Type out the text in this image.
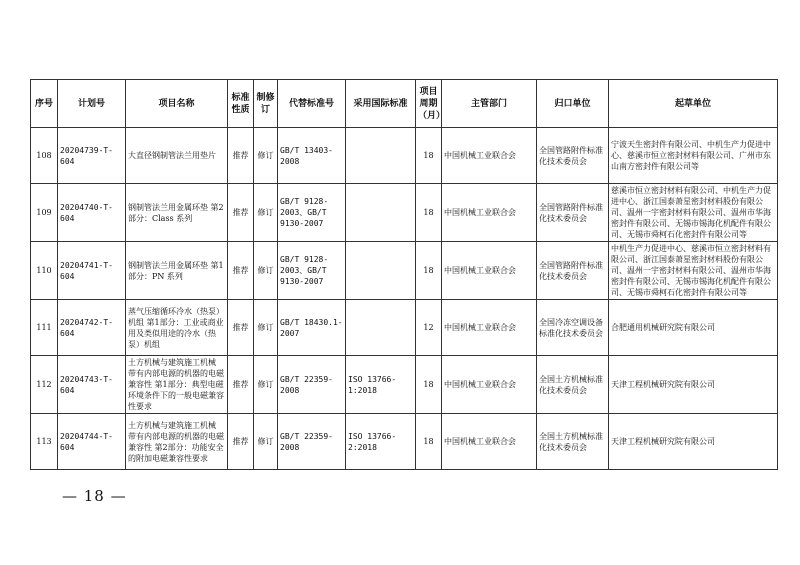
序号	计划号	项目名称	标准性质	制修订	代替标准号	采用国际标准	项目周期（月）	主管部门	归口单位	起草单位
108	20204739-T-604	大直径钢制管法兰用垫片	推荐	修订	GB/T 13403-2008		18	中国机械工业联合会	全国管路附件标准化技术委员会	宁波天生密封件有限公司、中机生产力促进中心、慈溪市恒立密封材料有限公司、广州市东山南方密封件有限公司等
109	20204740-T-604	钢制管法兰用金属环垫 第2部分：Class 系列	推荐	修订	GB/T 9128-2003、GB/T 9130-2007		18	中国机械工业联合会	全国管路附件标准化技术委员会	慈溪市恒立密封材料有限公司、中机生产力促进中心、浙江国泰萧星密封材料股份有限公司、温州一宇密封材料有限公司、温州市华海密封件有限公司、无锡市锡海化机配件有限公司、无锡市舜柯石化密封件有限公司等
110	20204741-T-604	钢制管法兰用金属环垫 第1部分：PN 系列	推荐	修订	GB/T 9128-2003、GB/T 9130-2007		18	中国机械工业联合会	全国管路附件标准化技术委员会	中机生产力促进中心、慈溪市恒立密封材料有限公司、浙江国泰萧星密封材料股份有限公司、温州一宇密封材料有限公司、温州市华海密封件有限公司、无锡市锡海化机配件有限公司、无锡市舜柯石化密封件有限公司等
111	20204742-T-604	蒸气压缩循环冷水（热泵）机组 第1部分：工业或商业用及类似用途的冷水（热泵）机组	推荐	修订	GB/T 18430.1-2007		12	中国机械工业联合会	全国冷冻空调设备标准化技术委员会	合肥通用机械研究院有限公司
112	20204743-T-604	土方机械与建筑施工机械 带有内部电源的机器的电磁兼容性 第1部分：典型电磁环境条件下的一般电磁兼容性要求	推荐	修订	GB/T 22359-2008	ISO 13766-1:2018	18	中国机械工业联合会	全国土方机械标准化技术委员会	天津工程机械研究院有限公司
113	20204744-T-604	土方机械与建筑施工机械 带有内部电源的机器的电磁兼容性 第2部分：功能安全的附加电磁兼容性要求	推荐	修订	GB/T 22359-2008	ISO 13766-2:2018	18	中国机械工业联合会	全国土方机械标准化技术委员会	天津工程机械研究院有限公司
— 18 —
